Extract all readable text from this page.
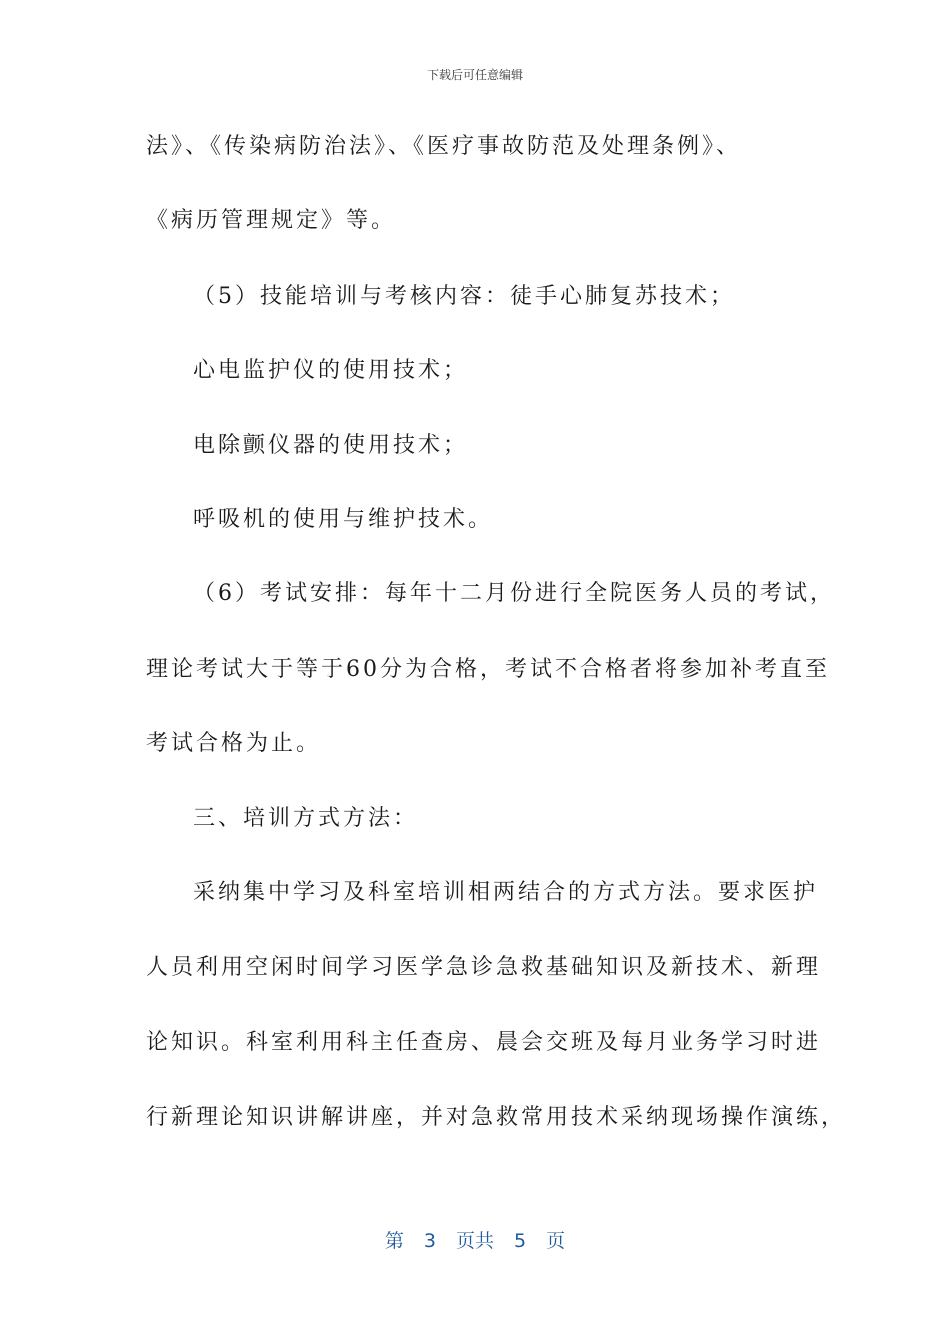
下载后可任意编辑
法》、《传染病防治法》、《医疗事故防范及处理条例》、
《病历管理规定》等。
（5）技能培训与考核内容：徒手心肺复苏技术；
心电监护仪的使用技术；
电除颤仪器的使用技术；
呼吸机的使用与维护技术。
（6）考试安排：每年十二月份进行全院医务人员的考试，
理论考试大于等于60分为合格，考试不合格者将参加补考直至
考试合格为止。
三、培训方式方法：
采纳集中学习及科室培训相两结合的方式方法。要求医护
人员利用空闲时间学习医学急诊急救基础知识及新技术、新理
论知识。科室利用科主任查房、晨会交班及每月业务学习时进
行新理论知识讲解讲座，并对急救常用技术采纳现场操作演练，
第 3 页共 5 页
